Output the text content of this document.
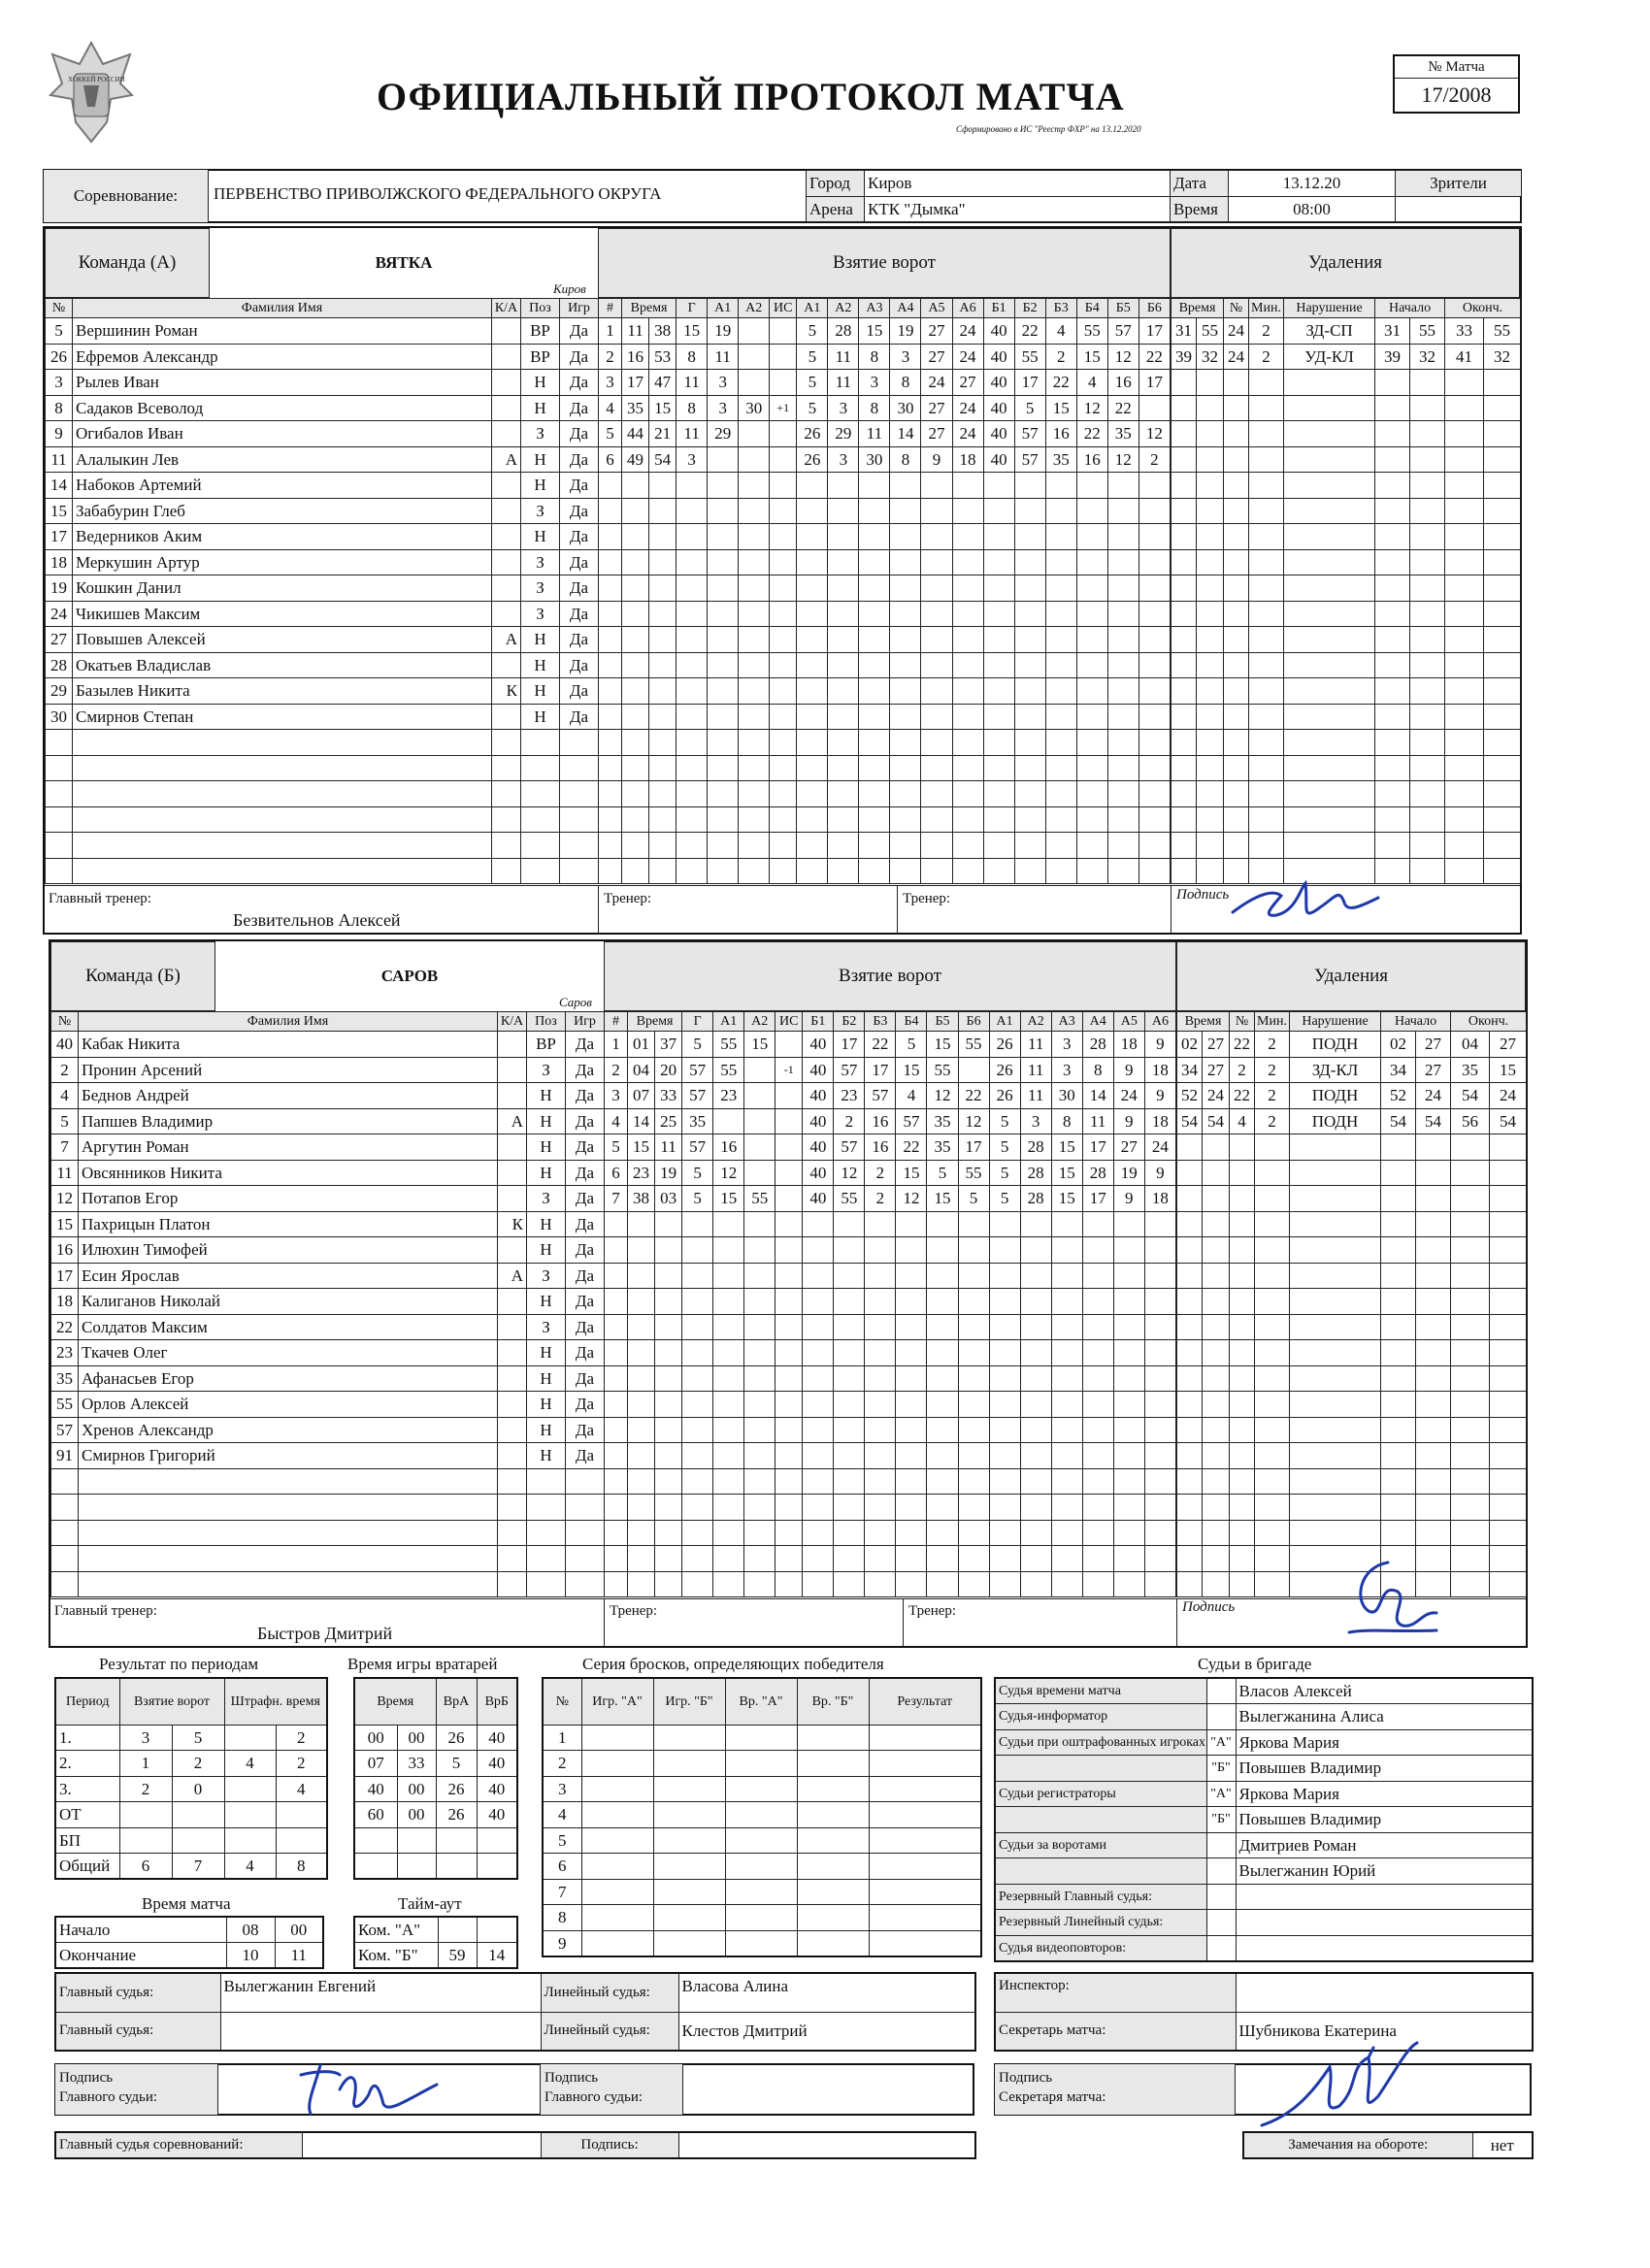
ХОККЕЙ РОССИИ	ОФИЦИАЛЬНЫЙ ПРОТОКОЛ МАТЧА
Сформировано в ИС "Реестр ФХР" на 13.12.2020
№ Матча
17/2008
Соревнование:	ПЕРВЕНСТВО ПРИВОЛЖСКОГО ФЕДЕРАЛЬНОГО ОКРУГА
Город	Киров	Дата	13.12.20	Зрители
Арена	КТК "Дымка"	Время	08:00	
Команда (А)	ВЯТКА
Киров
Взятие ворот	Удаления
№	Фамилия Имя	К/А	Поз	Игр
5	Вершинин Роман		ВР	Да
26	Ефремов Александр		ВР	Да
3	Рылев Иван		Н	Да
8	Садаков Всеволод		Н	Да
9	Огибалов Иван		З	Да
11	Алалыкин Лев	А	Н	Да
14	Набоков Артемий		Н	Да
15	Забабурин Глеб		З	Да
17	Ведерников Аким		Н	Да
18	Меркушин Артур		З	Да
19	Кошкин Данил		З	Да
24	Чикишев Максим		З	Да
27	Повышев Алексей	А	Н	Да
28	Окатьев Владислав		Н	Да
29	Базылев Никита	К	Н	Да
30	Смирнов Степан		Н	Да

#	Время		Г	А1	А2	ИС	А1	А2	А3	А4	А5	А6	Б1	Б2	Б3	Б4	Б5	Б6
1	11	38	15	19			5	28	15	19	27	24	40	22	4	55	57	17
2	16	53	8	11			5	11	8	3	27	24	40	55	2	15	12	22
3	17	47	11	3			5	11	3	8	24	27	40	17	22	4	16	17
4	35	15	8	3	30	+1	5	3	8	30	27	24	40	5	15	12	22	
5	44	21	11	29			26	29	11	14	27	24	40	57	16	22	35	12
6	49	54	3				26	3	30	8	9	18	40	57	35	16	12	2

Время		№	Мин.	Нарушение	Начало		Оконч.	
31	55	24	2	ЗД-СП	31	55	33	55
39	32	24	2	УД-КЛ	39	32	41	32

Главный тренер:
Безвительнов Алексей
Тренер:	Тренер:	Подпись
Команда (Б)	САРОВ
Саров
Взятие ворот	Удаления
№	Фамилия Имя	К/А	Поз	Игр
40	Кабак Никита		ВР	Да
2	Пронин Арсений		З	Да
4	Беднов Андрей		Н	Да
5	Папшев Владимир	А	Н	Да
7	Аргутин Роман		Н	Да
11	Овсянников Никита		Н	Да
12	Потапов Егор		З	Да
15	Пахрицын Платон	К	Н	Да
16	Илюхин Тимофей		Н	Да
17	Есин Ярослав	А	З	Да
18	Калиганов Николай		Н	Да
22	Солдатов Максим		З	Да
23	Ткачев Олег		Н	Да
35	Афанасьев Егор		Н	Да
55	Орлов Алексей		Н	Да
57	Хренов Александр		Н	Да
91	Смирнов Григорий		Н	Да

#	Время		Г	А1	А2	ИС	Б1	Б2	Б3	Б4	Б5	Б6	А1	А2	А3	А4	А5	А6
1	01	37	5	55	15		40	17	22	5	15	55	26	11	3	28	18	9
2	04	20	57	55		-1	40	57	17	15	55		26	11	3	8	9	18
3	07	33	57	23			40	23	57	4	12	22	26	11	30	14	24	9
4	14	25	35				40	2	16	57	35	12	5	3	8	11	9	18
5	15	11	57	16			40	57	16	22	35	17	5	28	15	17	27	24
6	23	19	5	12			40	12	2	15	5	55	5	28	15	28	19	9
7	38	03	5	15	55		40	55	2	12	15	5	5	28	15	17	9	18

Время		№	Мин.	Нарушение	Начало		Оконч.	
02	27	22	2	ПОДН	02	27	04	27
34	27	2	2	ЗД-КЛ	34	27	35	15
52	24	22	2	ПОДН	52	24	54	24
54	54	4	2	ПОДН	54	54	56	54

Главный тренер:
Быстров Дмитрий
Тренер:	Тренер:	Подпись
Результат по периодам
Период	Взятие ворот		Штрафн. время	
1.	3	5		2
2.	1	2	4	2
3.	2	0		4
ОТ				
БП				
Общий	6	7	4	8
Время игры вратарей
Время		ВрА	ВрБ
00	00	26	40
07	33	5	40
40	00	26	40
60	00	26	40

Время матча
Начало	08	00
Окончание	10	11
Тайм-аут
Ком. "А"		
Ком. "Б"	59	14
Серия бросков, определяющих победителя
№	Игр. "А"	Игр. "Б"	Вр. "А"	Вр. "Б"	Результат
1					
2					
3					
4					
5					
6					
7					
8					
9					
Судьи в бригаде
Судья времени матча		Власов Алексей
Судья-информатор		Вылегжанина Алиса
Судьи при оштрафованных игроках	"А"	Яркова Мария
	"Б"	Повышев Владимир
Судьи регистраторы	"А"	Яркова Мария
	"Б"	Повышев Владимир
Судьи за воротами		Дмитриев Роман
		Вылегжанин Юрий
Резервный Главный судья:		
Резервный Линейный судья:		
Судья видеоповторов:		
Главный судья:	Вылегжанин Евгений	Линейный судья:	Власова Алина
Главный судья:		Линейный судья:	Клестов Дмитрий
Инспектор:	
Секретарь матча:	Шубникова Екатерина
Подпись
Главного судьи:
Подпись
Главного судьи:
Подпись
Секретаря матча:
Главный судья соревнований:		Подпись:		Замечания на обороте:	нет
